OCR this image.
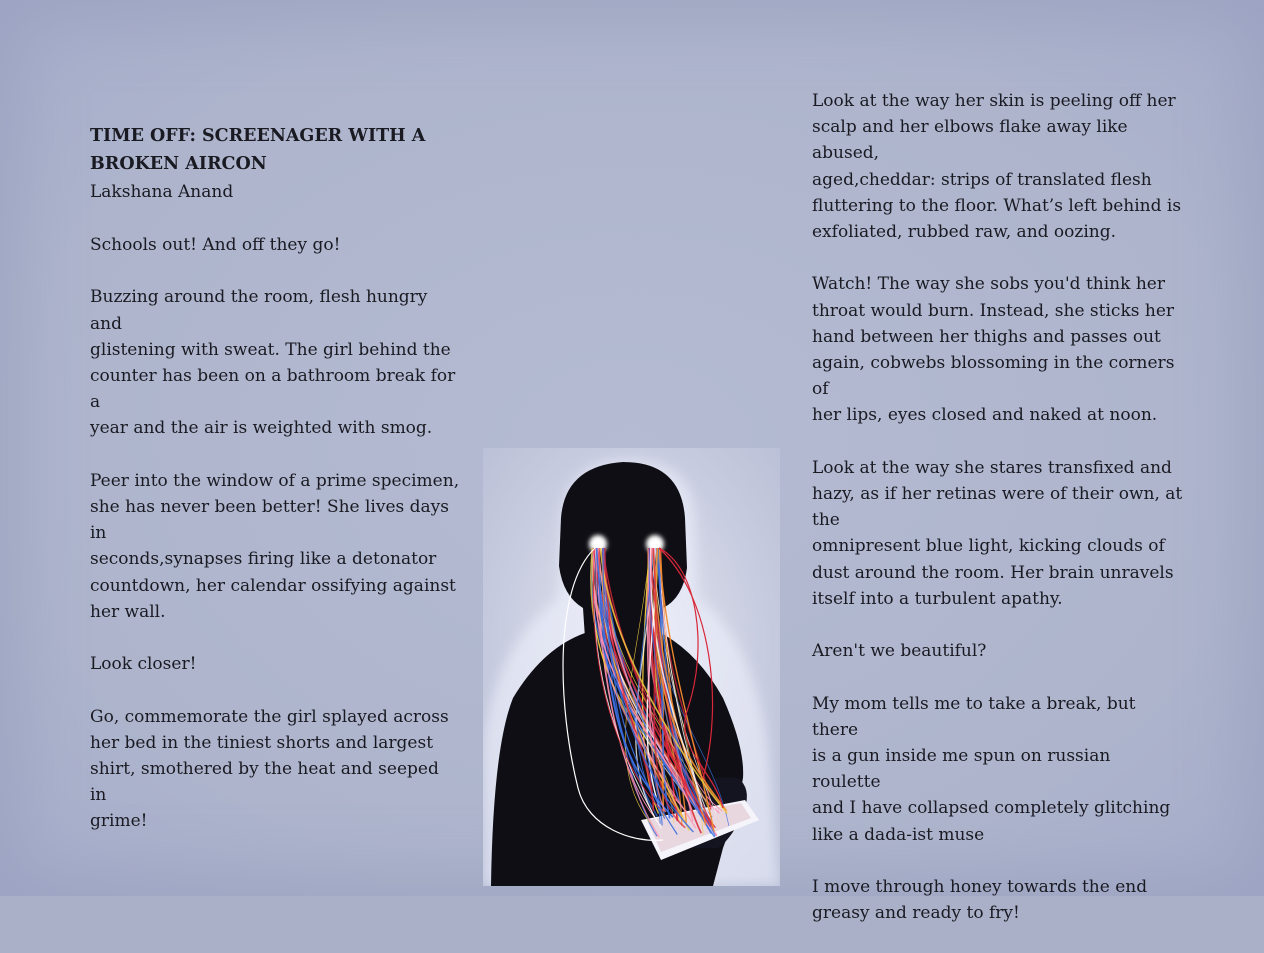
TIME OFF: SCREENAGER WITH A
BROKEN AIRCON

Lakshana Anand

Schools out! And off they go!

Buzzing around the room, flesh hungry and
glistening with sweat. The girl behind the
counter has been on a bathroom break for a
year and the air is weighted with smog.

Peer into the window of a prime specimen,
she has never been better! She lives days in
seconds,synapses firing like a detonator
countdown, her calendar ossifying against
her wall.

Look closer!

Go, commemorate the girl splayed across
her bed in the tiniest shorts and largest
shirt, smothered by the heat and seeped in
grime!

Look at the way her skin is peeling off her
scalp and her elbows flake away like abused,
aged,cheddar: strips of translated flesh
fluttering to the floor. What’s left behind is
exfoliated, rubbed raw, and oozing.

Watch! The way she sobs you'd think her
throat would burn. Instead, she sticks her
hand between her thighs and passes out
again, cobwebs blossoming in the corners of
her lips, eyes closed and naked at noon.

Look at the way she stares transfixed and
hazy, as if her retinas were of their own, at
the
omnipresent blue light, kicking clouds of
dust around the room. Her brain unravels
itself into a turbulent apathy.

Aren't we beautiful?

My mom tells me to take a break, but there
is a gun inside me spun on russian roulette
and I have collapsed completely glitching
like a dada-ist muse

I move through honey towards the end
greasy and ready to fry!
